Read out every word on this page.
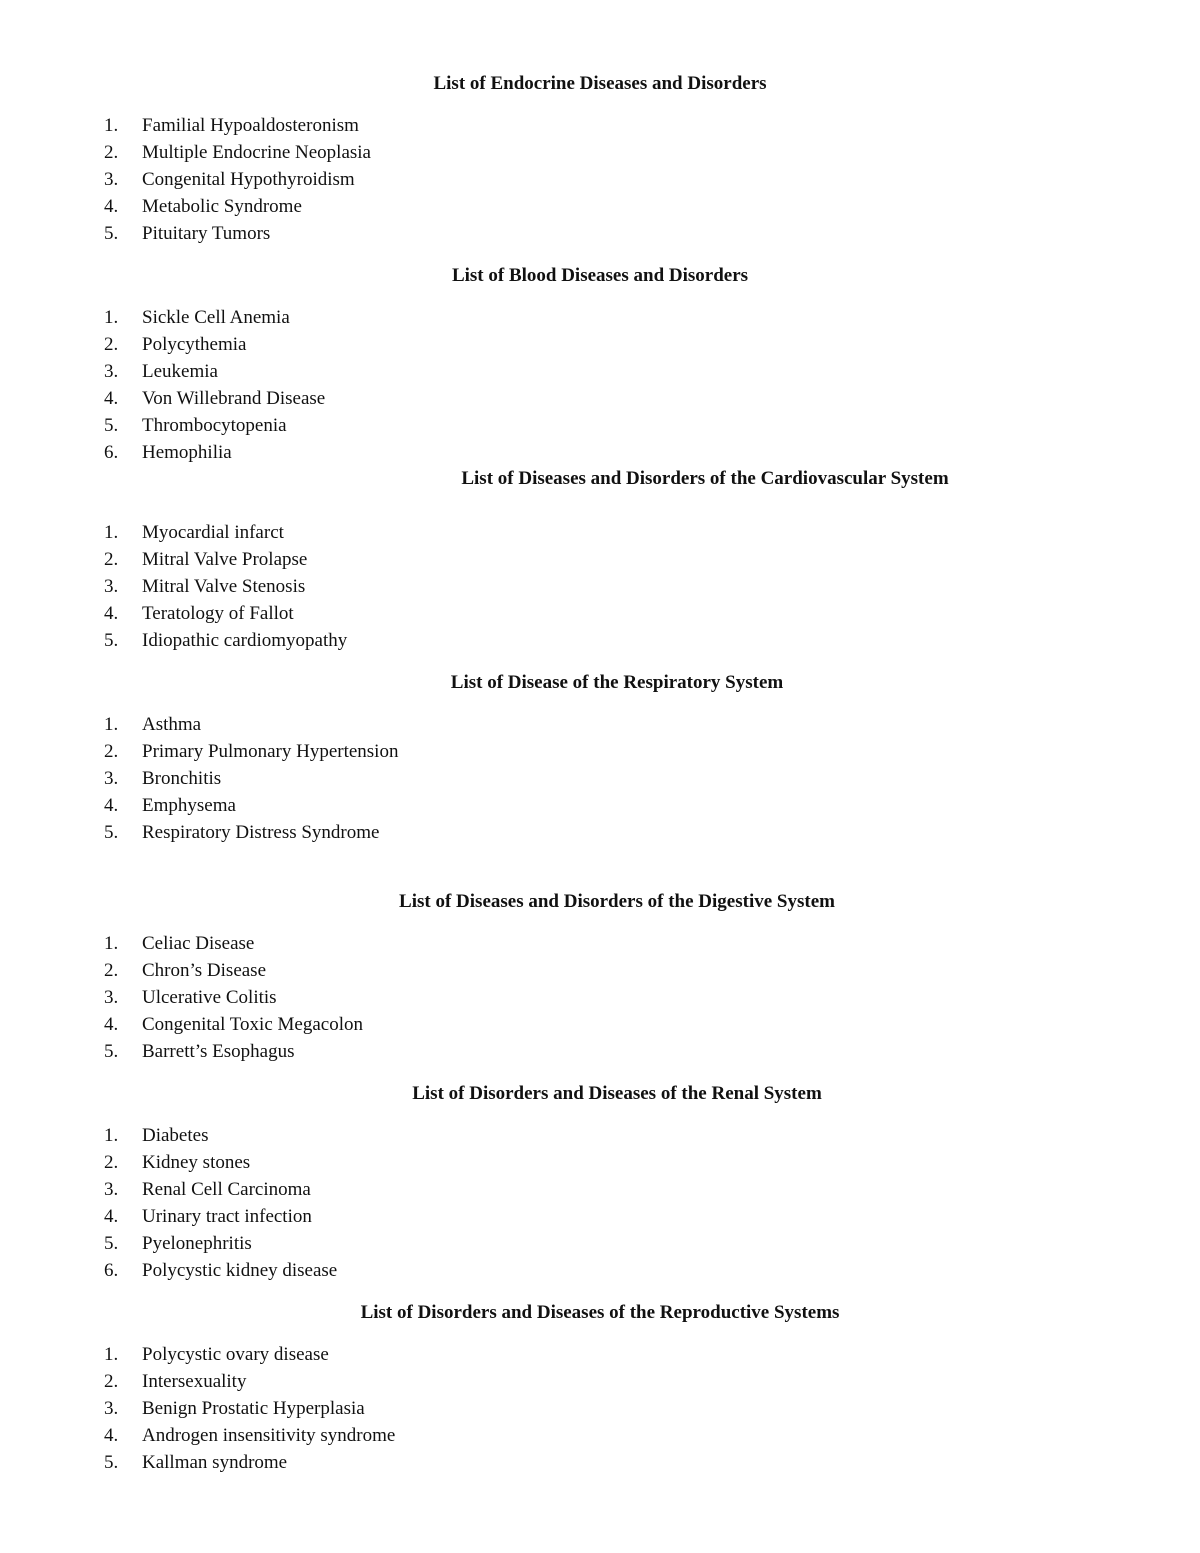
List of Endocrine Diseases and Disorders
1.	Familial Hypoaldosteronism
2.	Multiple Endocrine Neoplasia
3.	Congenital Hypothyroidism
4.	Metabolic Syndrome
5.	Pituitary Tumors
List of Blood Diseases and Disorders
1.	Sickle Cell Anemia
2.	Polycythemia
3.	Leukemia
4.	Von Willebrand Disease
5.	Thrombocytopenia
6.	Hemophilia
List of Diseases and Disorders of the Cardiovascular System
1.	Myocardial infarct
2.	Mitral Valve Prolapse
3.	Mitral Valve Stenosis
4.	Teratology of Fallot
5.	Idiopathic cardiomyopathy
List of Disease of the Respiratory System
1.	Asthma
2.	Primary Pulmonary Hypertension
3.	Bronchitis
4.	Emphysema
5.	Respiratory Distress Syndrome
List of Diseases and Disorders of the Digestive System
1.	Celiac Disease
2.	Chron’s Disease
3.	Ulcerative Colitis
4.	Congenital Toxic Megacolon
5.	Barrett’s Esophagus
List of Disorders and Diseases of the Renal System
1.	Diabetes
2.	Kidney stones
3.	Renal Cell Carcinoma
4.	Urinary tract infection
5.	Pyelonephritis
6.	Polycystic kidney disease
List of Disorders and Diseases of the Reproductive Systems
1.	Polycystic ovary disease
2.	Intersexuality
3.	Benign Prostatic Hyperplasia
4.	Androgen insensitivity syndrome
5.	Kallman syndrome
